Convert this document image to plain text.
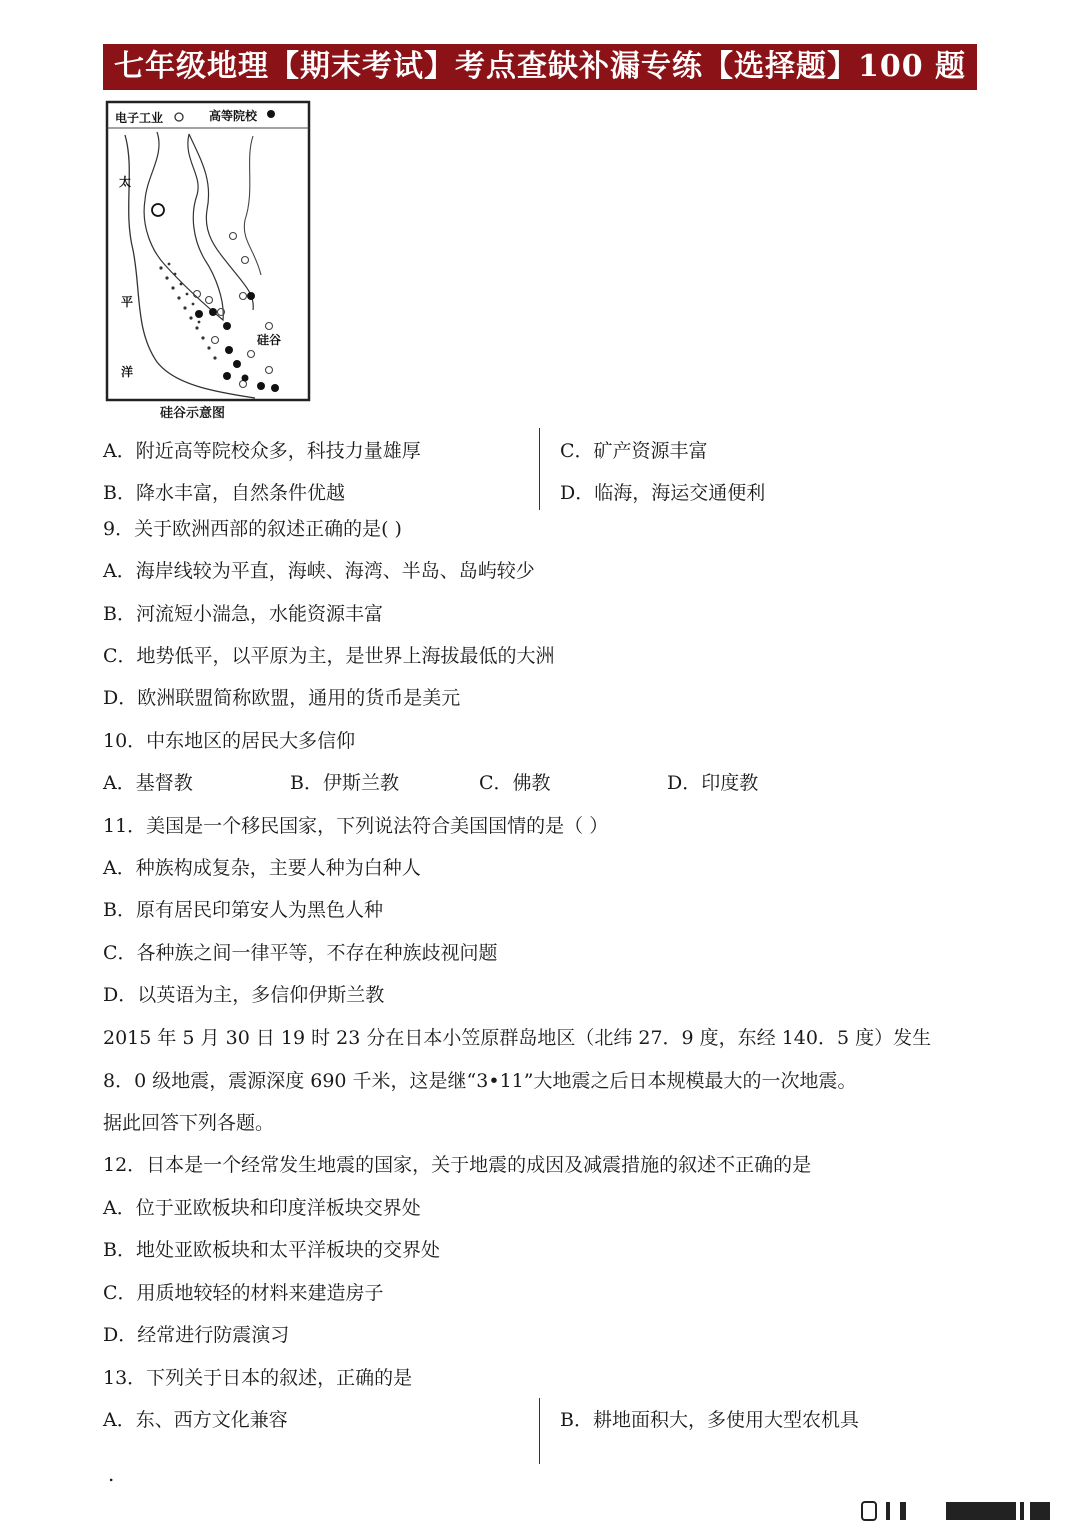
七年级地理【期末考试】考点查缺补漏专练【选择题】100 题
电子工业	高等院校
太
平
洋
硅谷
硅谷示意图
A．附近高等院校众多，科技力量雄厚	C．矿产资源丰富
B．降水丰富，自然条件优越	D．临海，海运交通便利
9．关于欧洲西部的叙述正确的是( )
A．海岸线较为平直，海峡、海湾、半岛、岛屿较少
B．河流短小湍急，水能资源丰富
C．地势低平，以平原为主，是世界上海拔最低的大洲
D．欧洲联盟简称欧盟，通用的货币是美元
10．中东地区的居民大多信仰
A．基督教	B．伊斯兰教	C．佛教	D．印度教
11．美国是一个移民国家，下列说法符合美国国情的是（ ）
A．种族构成复杂，主要人种为白种人
B．原有居民印第安人为黑色人种
C．各种族之间一律平等，不存在种族歧视问题
D．以英语为主，多信仰伊斯兰教
2015 年 5 月 30 日 19 时 23 分在日本小笠原群岛地区（北纬 27．9 度，东经 140．5 度）发生
8．0 级地震，震源深度 690 千米，这是继“3•11”大地震之后日本规模最大的一次地震。
据此回答下列各题。
12．日本是一个经常发生地震的国家，关于地震的成因及减震措施的叙述不正确的是
A．位于亚欧板块和印度洋板块交界处
B．地处亚欧板块和太平洋板块的交界处
C．用质地较轻的材料来建造房子
D．经常进行防震演习
13．下列关于日本的叙述，正确的是
A．东、西方文化兼容	B．耕地面积大，多使用大型农机具
.
